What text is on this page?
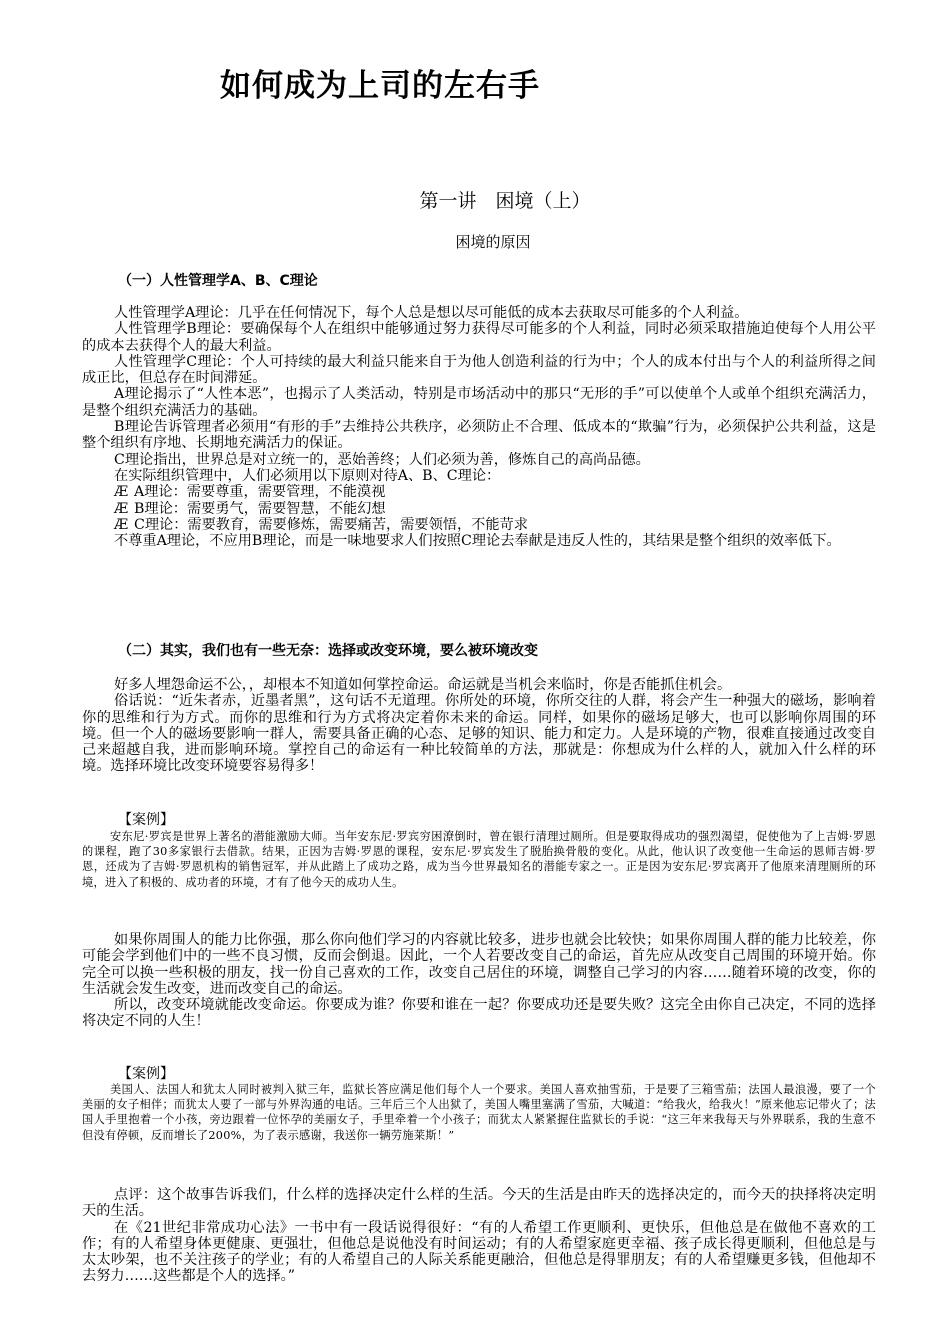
如何成为上司的左右手
第一讲　困境（上）
困境的原因
（一）人性管理学A、B、C理论

人性管理学A理论：几乎在任何情况下，每个人总是想以尽可能低的成本去获取尽可能多的个人利益。

人性管理学B理论：要确保每个人在组织中能够通过努力获得尽可能多的个人利益，同时必须采取措施迫使每个人用公平的成本去获得个人的最大利益。

人性管理学C理论：个人可持续的最大利益只能来自于为他人创造利益的行为中；个人的成本付出与个人的利益所得之间成正比，但总存在时间滞延。

A理论揭示了“人性本恶”，也揭示了人类活动，特别是市场活动中的那只“无形的手”可以使单个人或单个组织充满活力，是整个组织充满活力的基础。

B理论告诉管理者必须用“有形的手”去维持公共秩序，必须防止不合理、低成本的“欺骗”行为，必须保护公共利益，这是整个组织有序地、长期地充满活力的保证。

C理论指出，世界总是对立统一的，恶始善终；人们必须为善，修炼自己的高尚品德。

在实际组织管理中，人们必须用以下原则对待A、B、C理论：

Æ A理论：需要尊重，需要管理，不能漠视

Æ B理论：需要勇气，需要智慧，不能幻想

Æ C理论：需要教育，需要修炼，需要痛苦，需要领悟，不能苛求

不尊重A理论，不应用B理论，而是一味地要求人们按照C理论去奉献是违反人性的，其结果是整个组织的效率低下。

（二）其实，我们也有一些无奈：选择或改变环境，要么被环境改变

好多人埋怨命运不公，，却根本不知道如何掌控命运。命运就是当机会来临时，你是否能抓住机会。

俗话说：“近朱者赤，近墨者黑”，这句话不无道理。你所处的环境，你所交往的人群，将会产生一种强大的磁场，影响着你的思维和行为方式。而你的思维和行为方式将决定着你未来的命运。同样，如果你的磁场足够大，也可以影响你周围的环境。但一个人的磁场要影响一群人，需要具备正确的心态、足够的知识、能力和定力。人是环境的产物，很难直接通过改变自己来超越自我，进而影响环境。掌控自己的命运有一种比较简单的方法，那就是：你想成为什么样的人，就加入什么样的环境。选择环境比改变环境要容易得多！

【案例】

安东尼·罗宾是世界上著名的潜能激励大师。当年安东尼·罗宾穷困潦倒时，曾在银行清理过厕所。但是要取得成功的强烈渴望，促使他为了上吉姆·罗恩的课程，跑了30多家银行去借款。结果，正因为吉姆·罗恩的课程，安东尼·罗宾发生了脱胎换骨般的变化。从此，他认识了改变他一生命运的恩师吉姆·罗恩，还成为了吉姆·罗恩机构的销售冠军，并从此踏上了成功之路，成为当今世界最知名的潜能专家之一。正是因为安东尼·罗宾离开了他原来清理厕所的环境，进入了积极的、成功者的环境，才有了他今天的成功人生。

如果你周围人的能力比你强，那么你向他们学习的内容就比较多，进步也就会比较快；如果你周围人群的能力比较差，你可能会学到他们中的一些不良习惯，反而会倒退。因此，一个人若要改变自己的命运，首先应从改变自己周围的环境开始。你完全可以换一些积极的朋友，找一份自己喜欢的工作，改变自己居住的环境，调整自己学习的内容……随着环境的改变，你的生活就会发生改变，进而改变自己的命运。

所以，改变环境就能改变命运。你要成为谁？你要和谁在一起？你要成功还是要失败？这完全由你自己决定，不同的选择将决定不同的人生！

【案例】

美国人、法国人和犹太人同时被判入狱三年，监狱长答应满足他们每个人一个要求。美国人喜欢抽雪茄，于是要了三箱雪茄；法国人最浪漫，要了一个美丽的女子相伴；而犹太人要了一部与外界沟通的电话。三年后三个人出狱了，美国人嘴里塞满了雪茄，大喊道：“给我火，给我火！”原来他忘记带火了；法国人手里抱着一个小孩，旁边跟着一位怀孕的美丽女子，手里牵着一个小孩子；而犹太人紧紧握住监狱长的手说：“这三年来我每天与外界联系，我的生意不但没有停顿，反而增长了200%，为了表示感谢，我送你一辆劳施莱斯！”

点评：这个故事告诉我们，什么样的选择决定什么样的生活。今天的生活是由昨天的选择决定的，而今天的抉择将决定明天的生活。

在《21世纪非常成功心法》一书中有一段话说得很好：“有的人希望工作更顺利、更快乐，但他总是在做他不喜欢的工作；有的人希望身体更健康、更强壮，但他总是说他没有时间运动；有的人希望家庭更幸福、孩子成长得更顺利，但他总是与太太吵架，也不关注孩子的学业；有的人希望自己的人际关系能更融洽，但他总是得罪朋友；有的人希望赚更多钱，但他却不去努力……这些都是个人的选择。”
